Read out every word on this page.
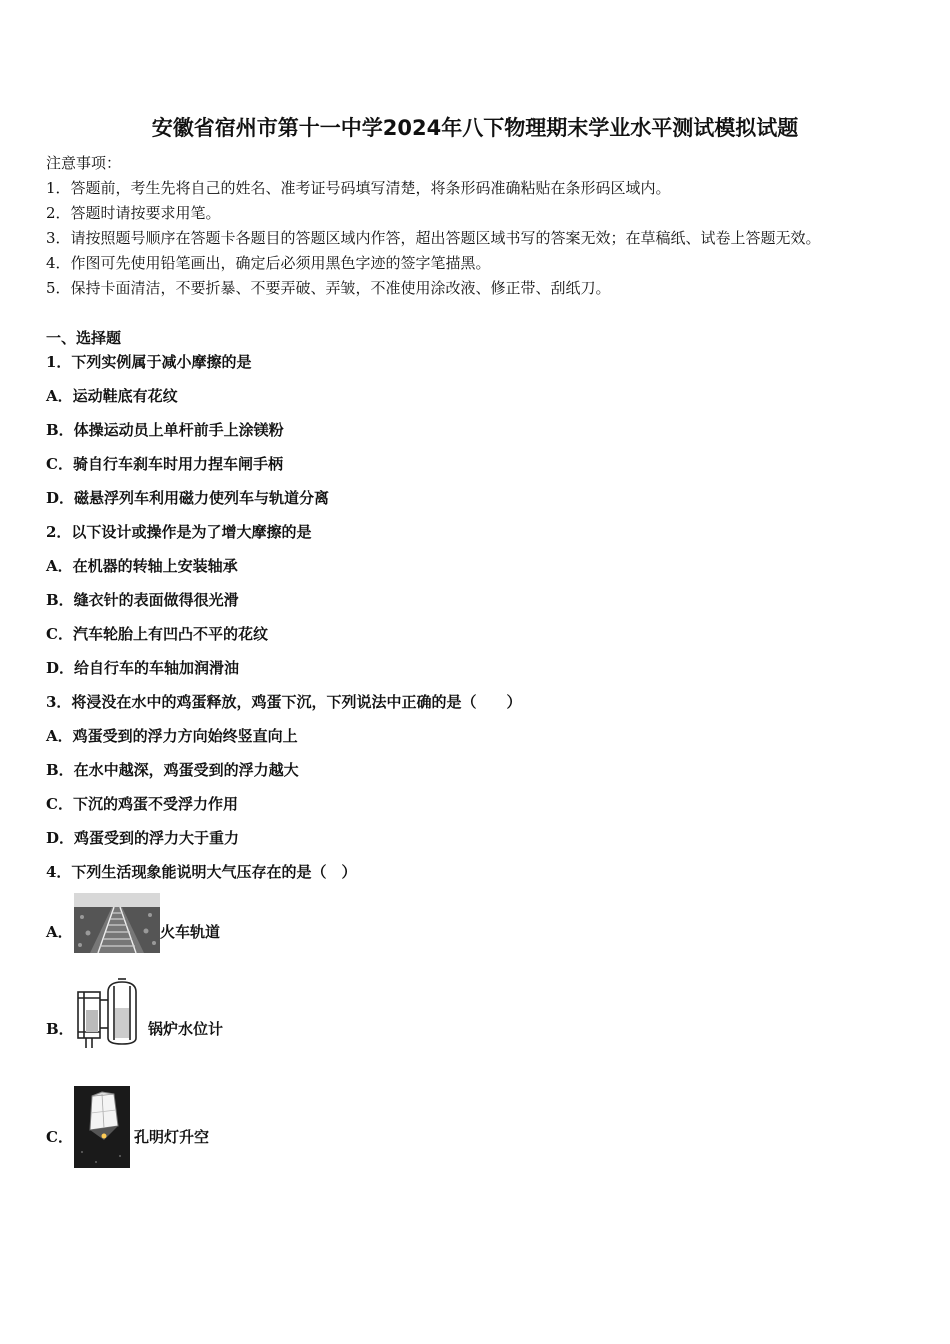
安徽省宿州市第十一中学2024年八下物理期末学业水平测试模拟试题
注意事项：
1．答题前，考生先将自己的姓名、准考证号码填写清楚，将条形码准确粘贴在条形码区域内。
2．答题时请按要求用笔。
3．请按照题号顺序在答题卡各题目的答题区域内作答，超出答题区域书写的答案无效；在草稿纸、试卷上答题无效。
4．作图可先使用铅笔画出，确定后必须用黑色字迹的签字笔描黑。
5．保持卡面清洁，不要折暴、不要弄破、弄皱，不准使用涂改液、修正带、刮纸刀。
一、选择题
1．下列实例属于减小摩擦的是
A．运动鞋底有花纹
B．体操运动员上单杆前手上涂镁粉
C．骑自行车刹车时用力捏车闸手柄
D．磁悬浮列车利用磁力使列车与轨道分离
2．以下设计或操作是为了增大摩擦的是
A．在机器的转轴上安装轴承
B．缝衣针的表面做得很光滑
C．汽车轮胎上有凹凸不平的花纹
D．给自行车的车轴加润滑油
3．将浸没在水中的鸡蛋释放，鸡蛋下沉，下列说法中正确的是（　　）
A．鸡蛋受到的浮力方向始终竖直向上
B．在水中越深，鸡蛋受到的浮力越大
C．下沉的鸡蛋不受浮力作用
D．鸡蛋受到的浮力大于重力
4．下列生活现象能说明大气压存在的是（　）
A．	火车轨道
B．	锅炉水位计
C．	孔明灯升空
